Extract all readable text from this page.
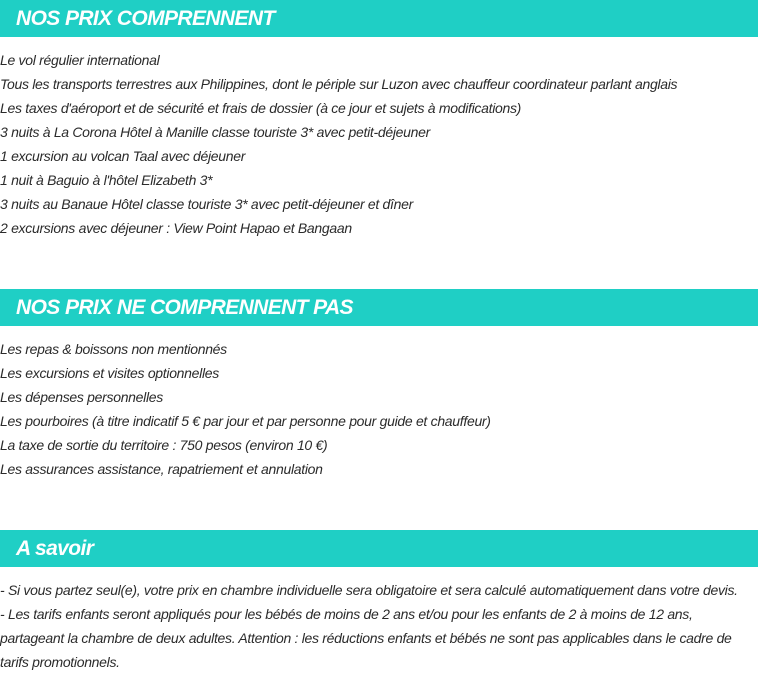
NOS PRIX COMPRENNENT
Le vol régulier international
Tous les transports terrestres aux Philippines, dont le périple sur Luzon avec chauffeur coordinateur parlant anglais
Les taxes d'aéroport et de sécurité et frais de dossier (à ce jour et sujets à modifications)
3 nuits à La Corona Hôtel à Manille classe touriste 3* avec petit-déjeuner
1 excursion au volcan Taal avec déjeuner
1 nuit à Baguio à l'hôtel Elizabeth 3*
3 nuits au Banaue Hôtel classe touriste 3* avec petit-déjeuner et dîner
2 excursions avec déjeuner : View Point Hapao et Bangaan
NOS PRIX NE COMPRENNENT PAS
Les repas & boissons non mentionnés
Les excursions et visites optionnelles
Les dépenses personnelles
Les pourboires (à titre indicatif 5 € par jour et par personne pour guide et chauffeur)
La taxe de sortie du territoire : 750 pesos (environ 10 €)
Les assurances assistance, rapatriement et annulation
A savoir

- Si vous partez seul(e), votre prix en chambre individuelle sera obligatoire et sera calculé automatiquement dans votre devis.

- Les tarifs enfants seront appliqués pour les bébés de moins de 2 ans et/ou pour les enfants de 2 à moins de 12 ans, partageant la chambre de deux adultes. Attention : les réductions enfants et bébés ne sont pas applicables dans le cadre de tarifs promotionnels.
